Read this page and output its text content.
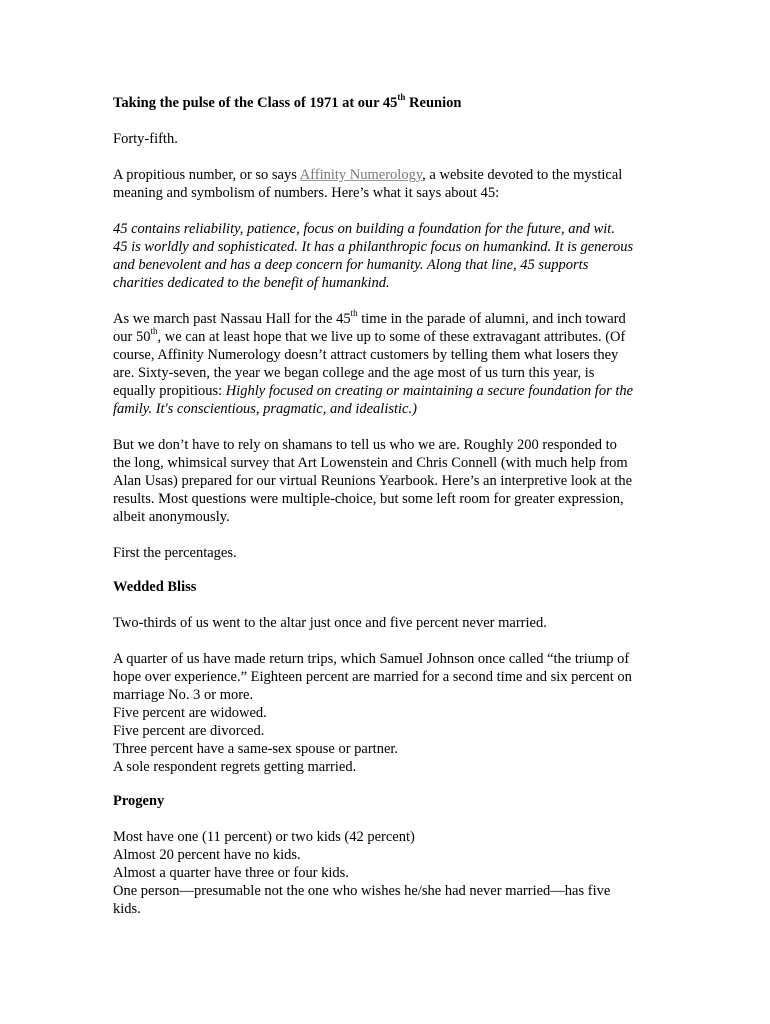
Taking the pulse of the Class of 1971 at our 45th Reunion
Forty-fifth.
A propitious number, or so says Affinity Numerology, a website devoted to the mystical
meaning and symbolism of numbers. Here’s what it says about 45:
45 contains reliability, patience, focus on building a foundation for the future, and wit.
45 is worldly and sophisticated. It has a philanthropic focus on humankind. It is generous
and benevolent and has a deep concern for humanity. Along that line, 45 supports
charities dedicated to the benefit of humankind.
As we march past Nassau Hall for the 45th time in the parade of alumni, and inch toward
our 50th, we can at least hope that we live up to some of these extravagant attributes. (Of
course, Affinity Numerology doesn’t attract customers by telling them what losers they
are. Sixty-seven, the year we began college and the age most of us turn this year, is
equally propitious: Highly focused on creating or maintaining a secure foundation for the
family. It's conscientious, pragmatic, and idealistic.)
But we don’t have to rely on shamans to tell us who we are. Roughly 200 responded to
the long, whimsical survey that Art Lowenstein and Chris Connell (with much help from
Alan Usas) prepared for our virtual Reunions Yearbook. Here’s an interpretive look at the
results. Most questions were multiple-choice, but some left room for greater expression,
albeit anonymously.
First the percentages.
Wedded Bliss
Two-thirds of us went to the altar just once and five percent never married.
A quarter of us have made return trips, which Samuel Johnson once called “the triump of
hope over experience.” Eighteen percent are married for a second time and six percent on
marriage No. 3 or more.
Five percent are widowed.
Five percent are divorced.
Three percent have a same-sex spouse or partner.
A sole respondent regrets getting married.
Progeny
Most have one (11 percent) or two kids (42 percent)
Almost 20 percent have no kids.
Almost a quarter have three or four kids.
One person—presumable not the one who wishes he/she had never married—has five
kids.
